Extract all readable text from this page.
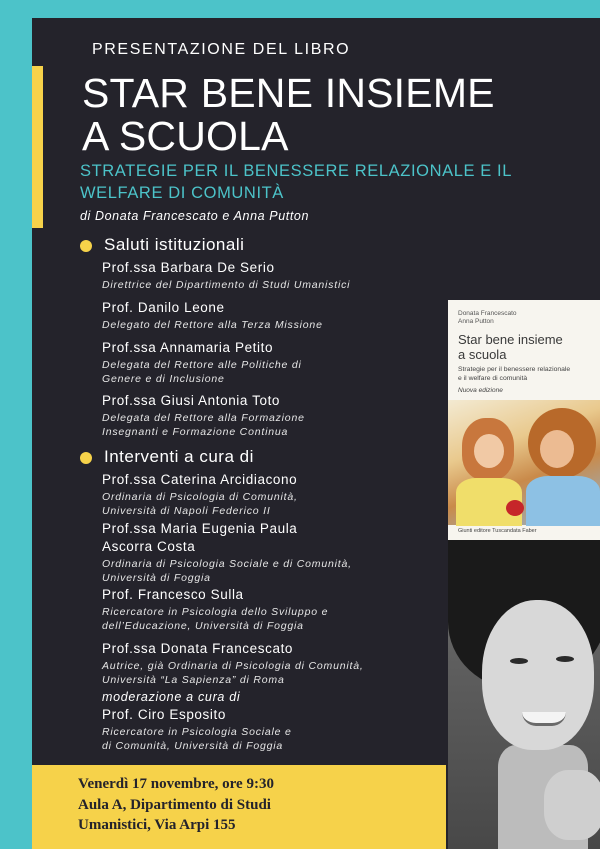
PRESENTAZIONE DEL LIBRO
STAR BENE INSIEME
A SCUOLA
STRATEGIE PER IL BENESSERE RELAZIONALE E IL
WELFARE DI COMUNITÀ
di Donata Francescato e Anna Putton
Saluti istituzionali
Prof.ssa Barbara De Serio
Direttrice del Dipartimento di Studi Umanistici
Prof. Danilo Leone
Delegato del Rettore alla Terza Missione
Prof.ssa Annamaria Petito
Delegata del Rettore alle Politiche di
Genere e di Inclusione
Prof.ssa Giusi Antonia Toto
Delegata del Rettore alla Formazione
Insegnanti e Formazione Continua
Interventi a cura di
Prof.ssa Caterina Arcidiacono
Ordinaria di Psicologia di Comunità,
Università di Napoli Federico II
Prof.ssa Maria Eugenia Paula
Ascorra Costa
Ordinaria di Psicologia Sociale e di Comunità,
Università di Foggia
Prof. Francesco Sulla
Ricercatore in Psicologia dello Sviluppo e
dell’Educazione, Università di Foggia
Prof.ssa Donata Francescato
Autrice, già Ordinaria di Psicologia di Comunità,
Università “La Sapienza” di Roma
moderazione a cura di
Prof. Ciro Esposito
Ricercatore in Psicologia Sociale e
di Comunità, Università di Foggia
Venerdì 17 novembre, ore 9:30
Aula A, Dipartimento di Studi
Umanistici, Via Arpi 155
Donata Francescato
Anna Putton
Star bene insieme
a scuola
Strategie per il benessere relazionale
e il welfare di comunità
Nuova edizione
Giunti editore Tuscandata Faber
